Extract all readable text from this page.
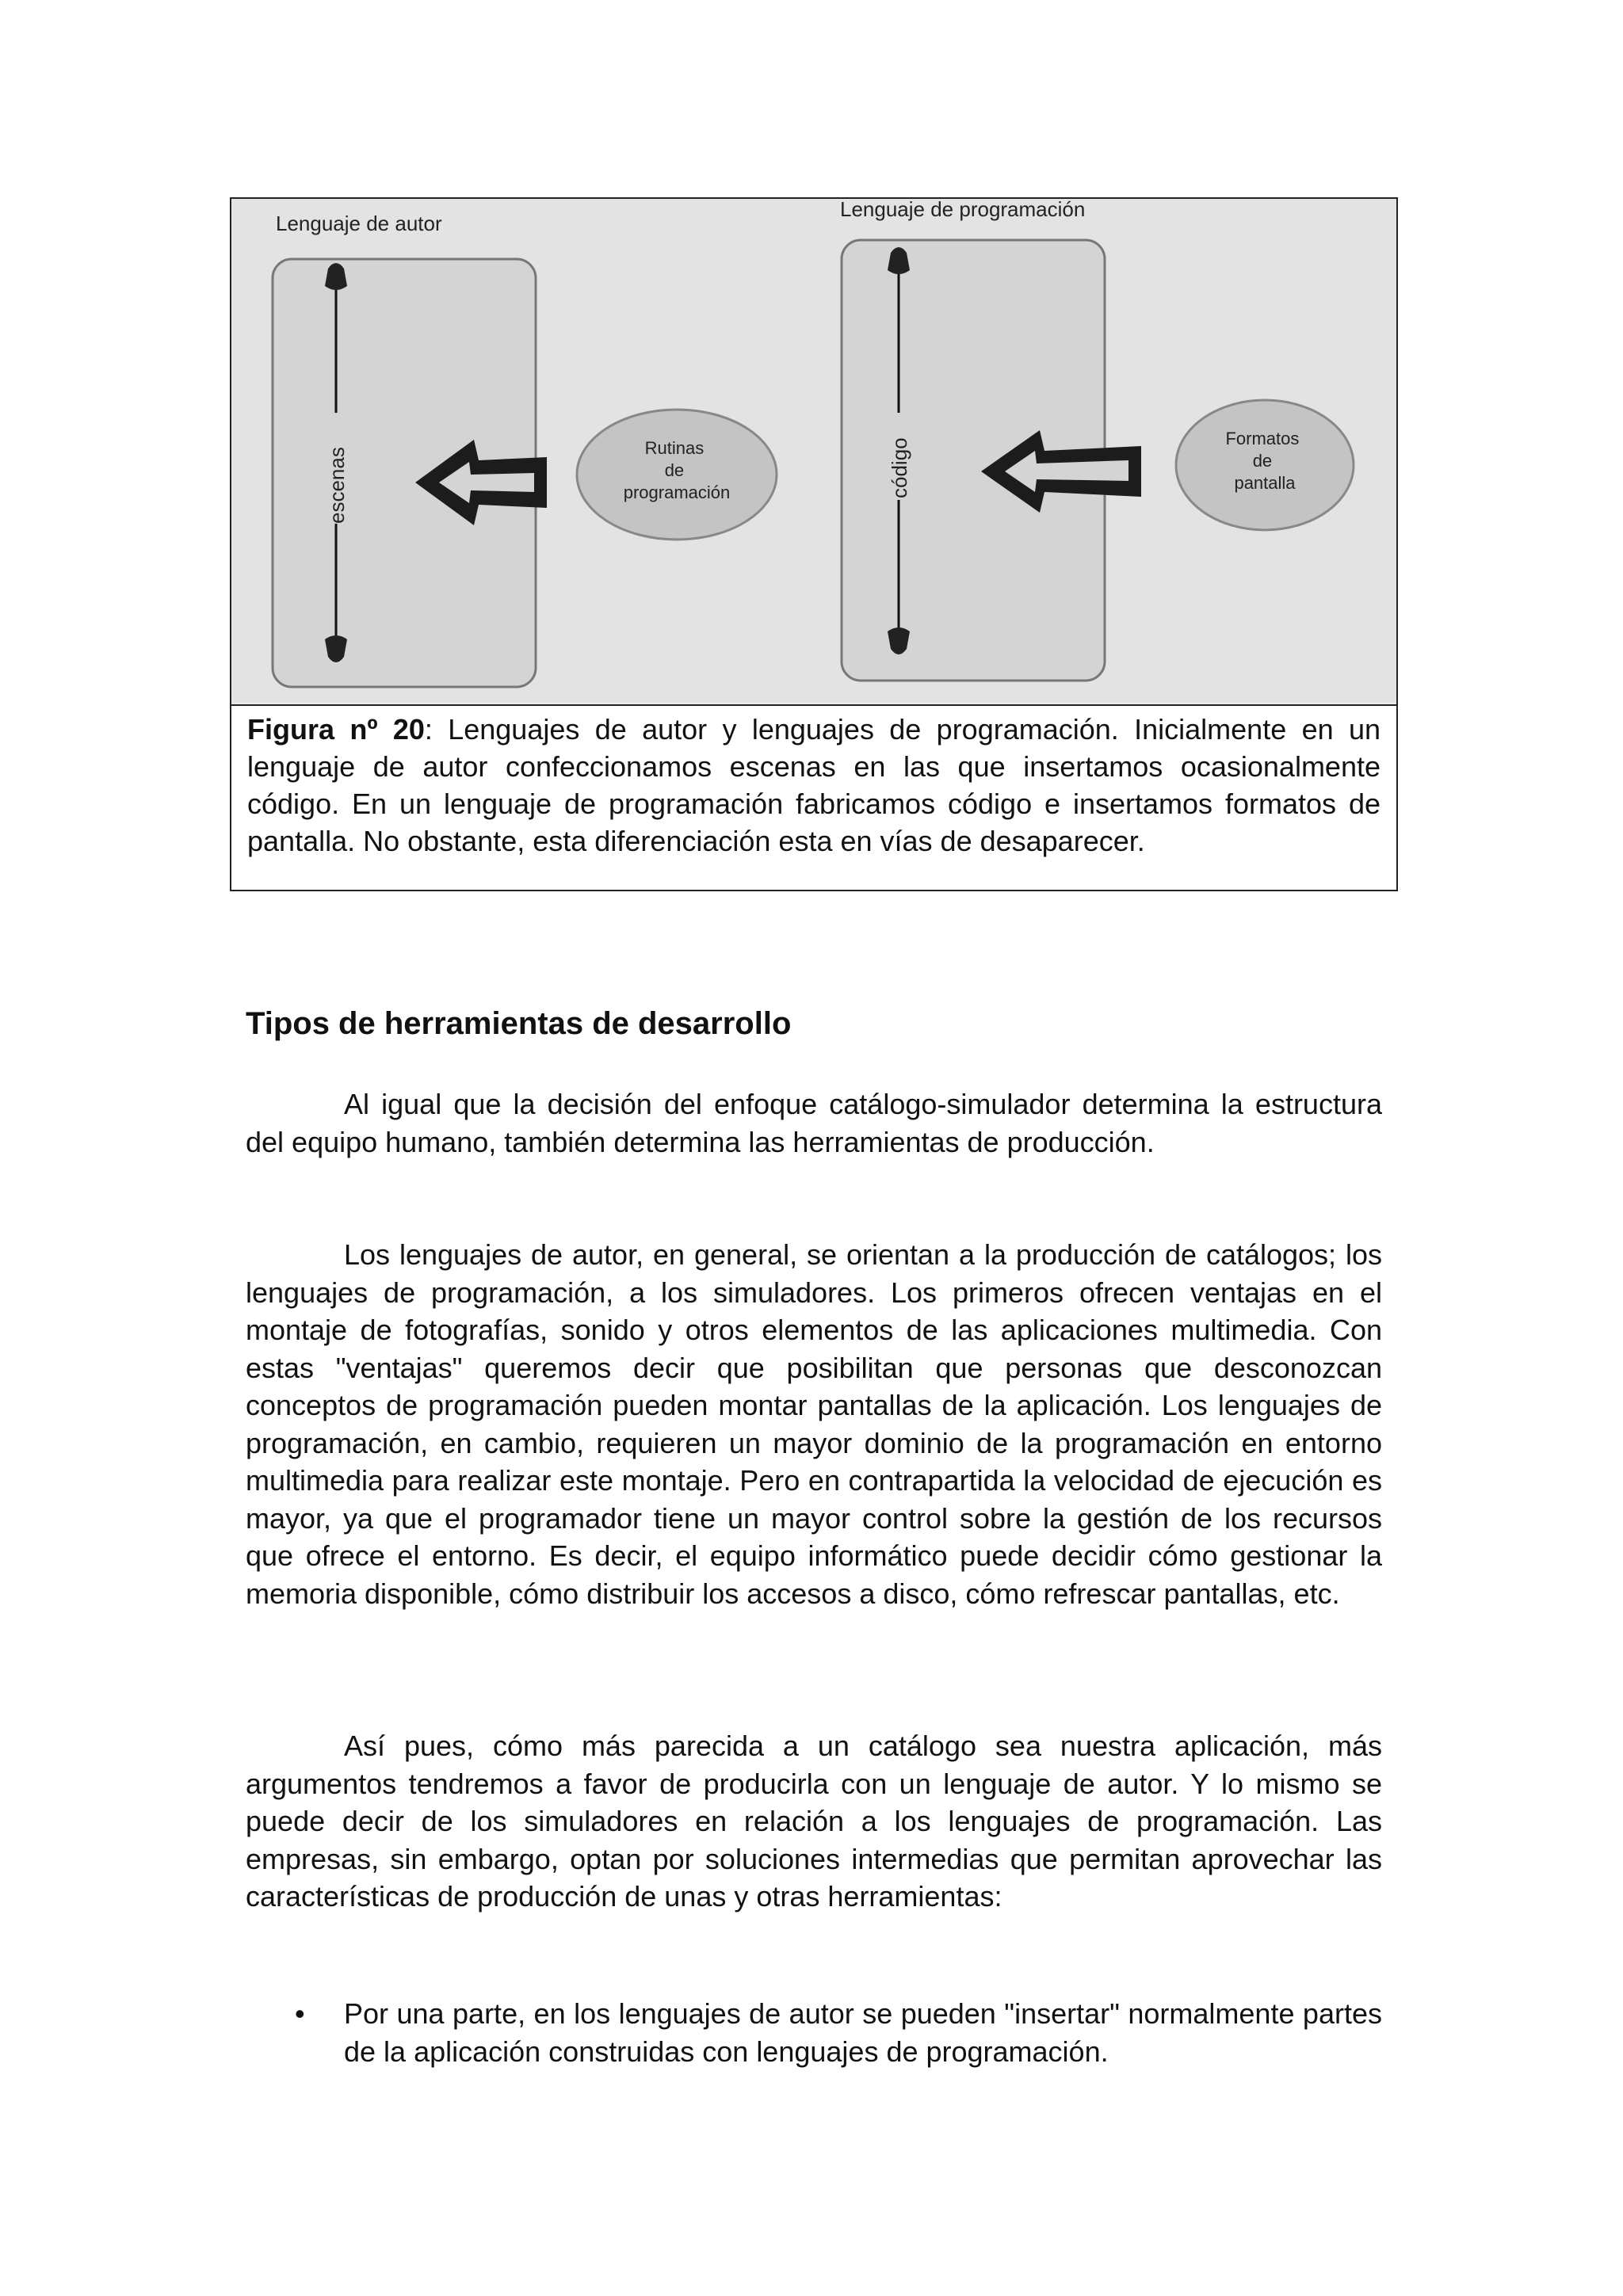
Lenguaje de autor
Lenguaje de programación
escenas	Rutinas de programación	código	Formatos de pantalla
Figura nº 20: Lenguajes de autor y lenguajes de programación. Inicialmente en un lenguaje de autor confeccionamos escenas en las que insertamos ocasionalmente código. En un lenguaje de programación fabricamos código e insertamos formatos de pantalla. No obstante, esta diferenciación esta en vías de desaparecer.
Tipos de herramientas de desarrollo

Al igual que la decisión del enfoque catálogo-simulador determina la estructura del equipo humano, también determina las herramientas de producción.

Los lenguajes de autor, en general, se orientan a la producción de catálogos; los lenguajes de programación, a los simuladores. Los primeros ofrecen ventajas en el montaje de fotografías, sonido y otros elementos de las aplicaciones multimedia. Con estas "ventajas" queremos decir que posibilitan que personas que desconozcan conceptos de programación pueden montar pantallas de la aplicación. Los lenguajes de programación, en cambio, requieren un mayor dominio de la programación en entorno multimedia para realizar este montaje. Pero en contrapartida la velocidad de ejecución es mayor, ya que el programador tiene un mayor control sobre la gestión de los recursos que ofrece el entorno. Es decir, el equipo informático puede decidir cómo gestionar la memoria disponible, cómo distribuir los accesos a disco, cómo refrescar pantallas, etc.

Así pues, cómo más parecida a un catálogo sea nuestra aplicación, más argumentos tendremos a favor de producirla con un lenguaje de autor. Y lo mismo se puede decir de los simuladores en relación a los lenguajes de programación. Las empresas, sin embargo, optan por soluciones intermedias que permitan aprovechar las características de producción de unas y otras herramientas:

• Por una parte, en los lenguajes de autor se pueden "insertar" normalmente partes de la aplicación construidas con lenguajes de programación.
